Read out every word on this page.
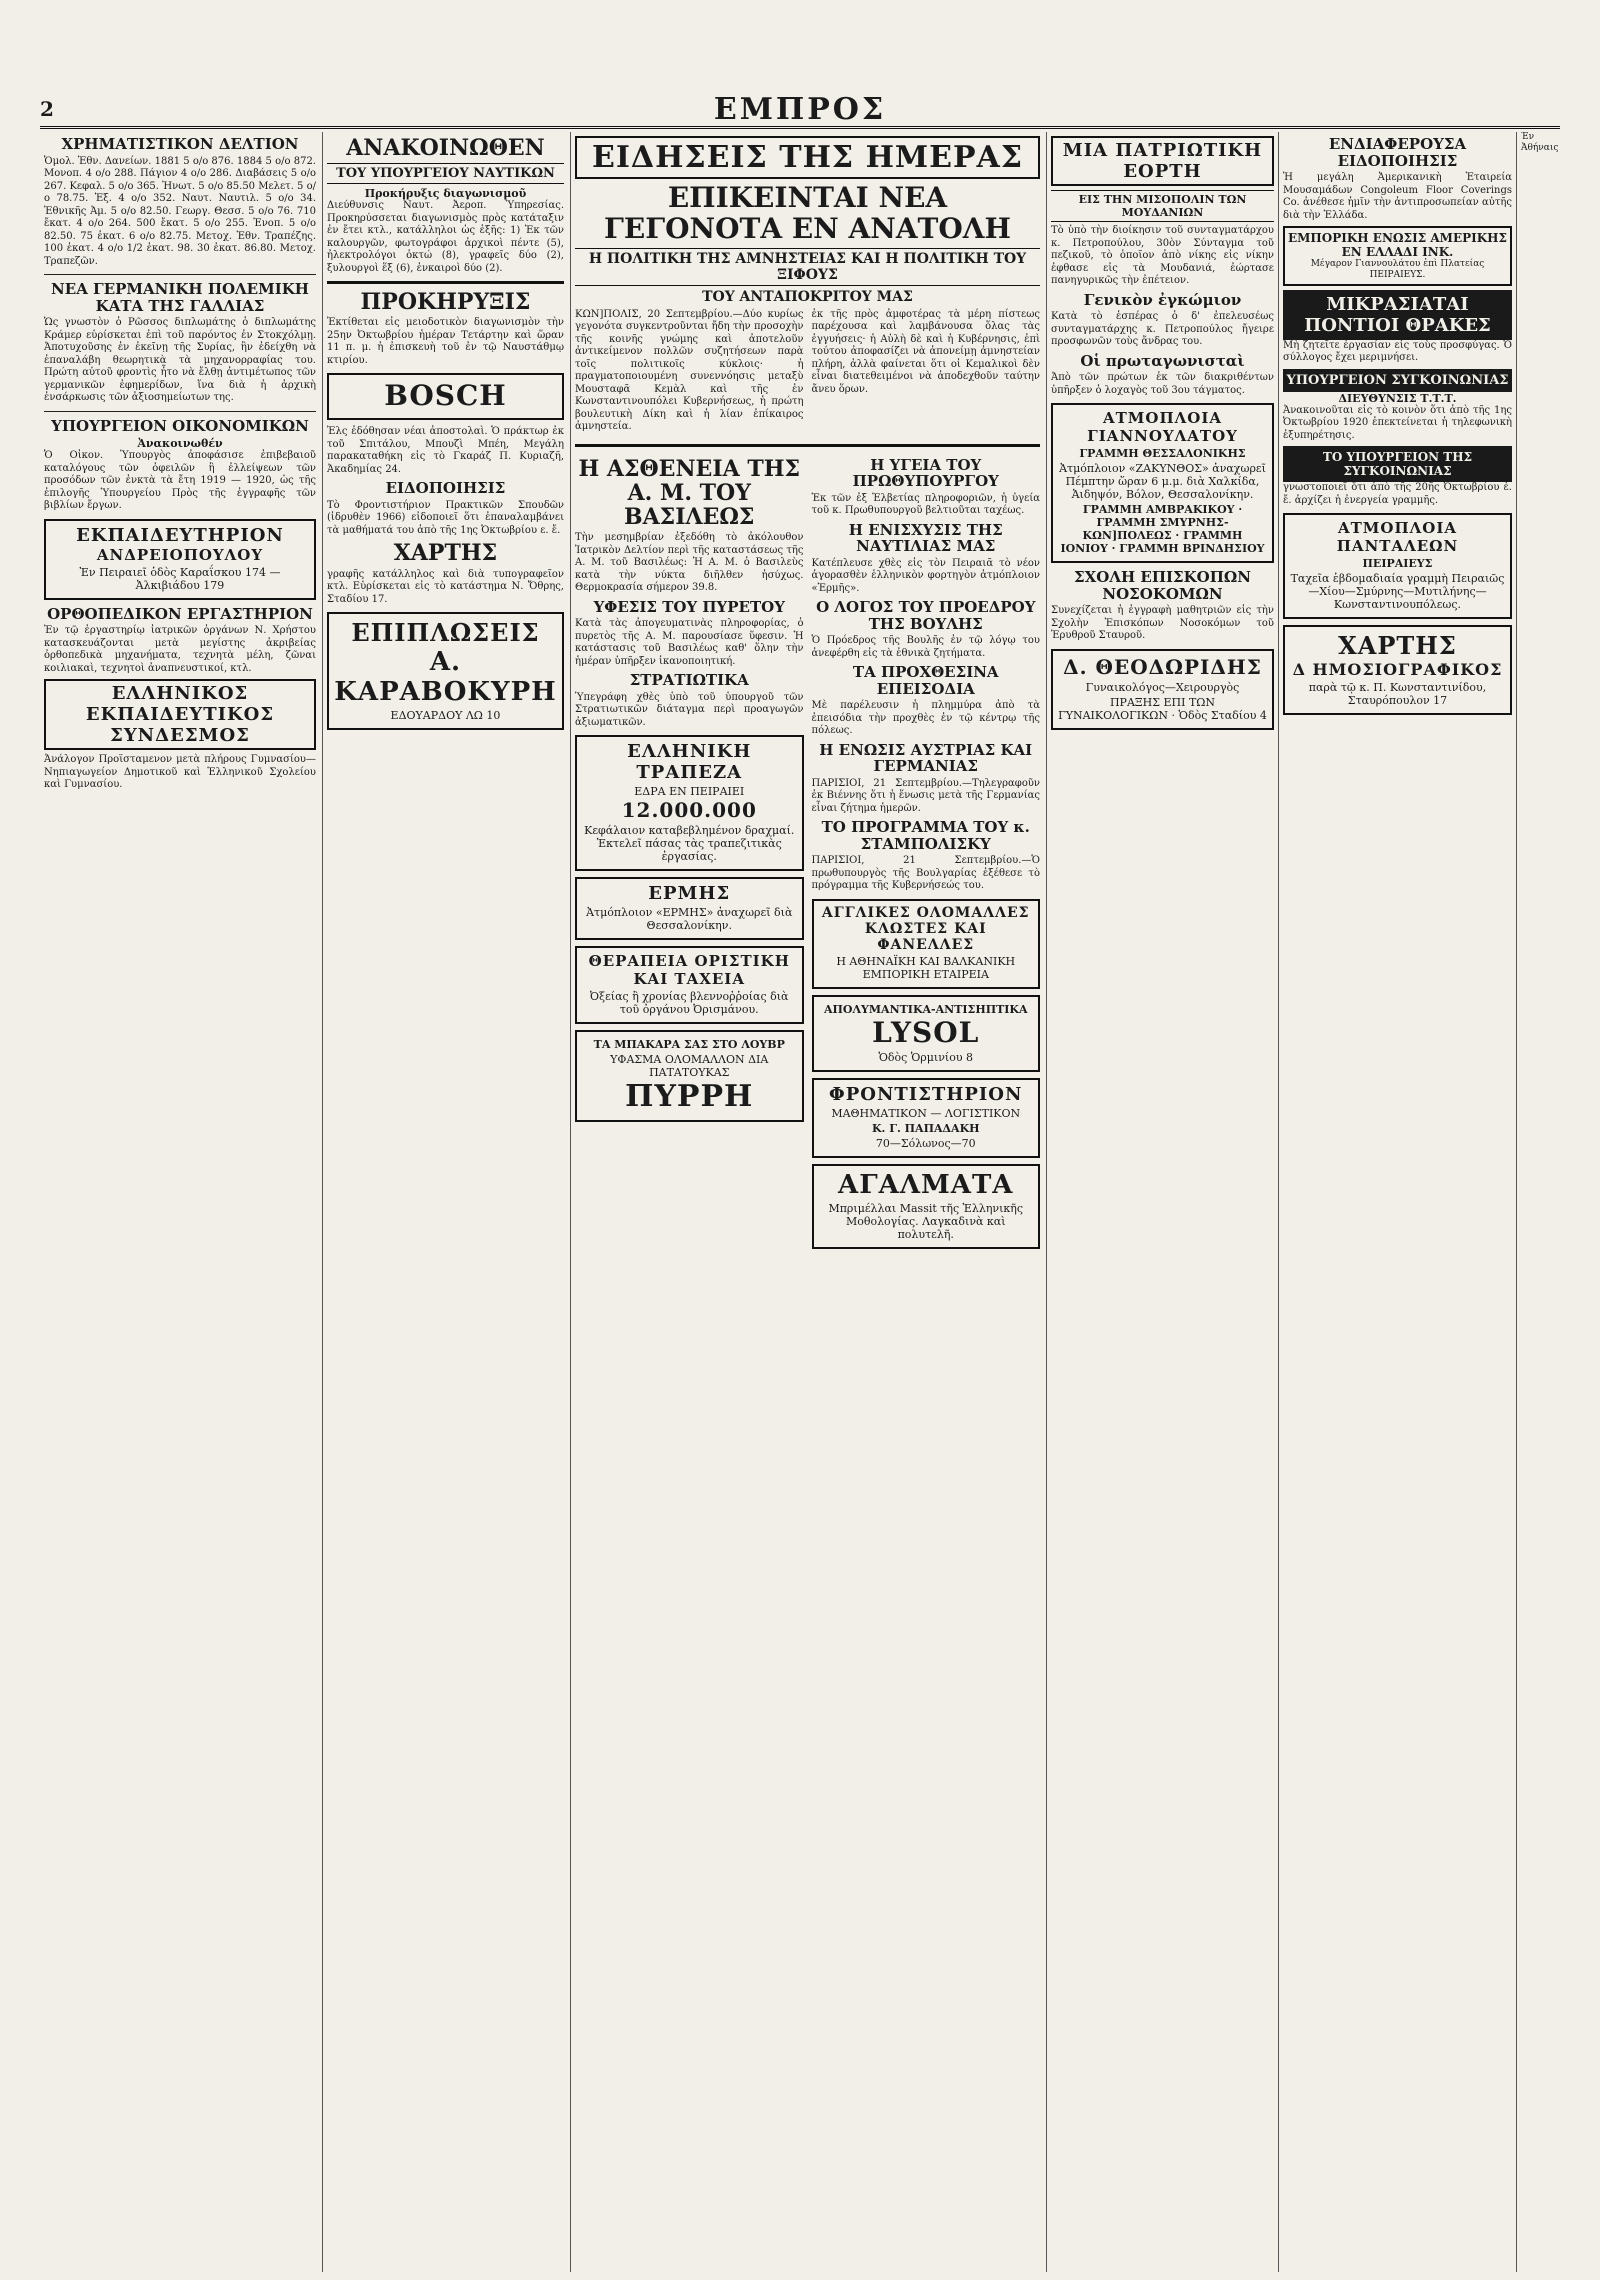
2	ΕΜΠΡΟΣ
ΧΡΗΜΑΤΙΣΤΙΚΟΝ ΔΕΛΤΙΟΝ

Ὁμολ. Ἐθν. Δανείων. 1881 5 ο/ο 876. 1884 5 ο/ο 872. Μονοπ. 4 ο/ο 288. Πάγιον 4 ο/ο 286. Διαβάσεις 5 ο/ο 267. Κεφαλ. 5 ο/ο 365. Ἠνωτ. 5 ο/ο 85.50 Μελετ. 5 ο/ο 78.75. Ἐξ. 4 ο/ο 352. Ναυτ. Ναυτιλ. 5 ο/ο 34. Ἐθνικῆς Ἀμ. 5 ο/ο 82.50. Γεωργ. Θεσσ. 5 ο/ο 76. 710 ἔκατ. 4 ο/ο 264. 500 ἔκατ. 5 ο/ο 255. Ἐνοπ. 5 ο/ο 82.50. 75 ἐκατ. 6 ο/ο 82.75. Μετοχ. Ἐθν. Τραπέζης. 100 ἐκατ. 4 ο/ο 1/2 ἐκατ. 98. 30 ἐκατ. 86.80. Μετοχ. Τραπεζῶν.

ΝΕΑ ΓΕΡΜΑΝΙΚΗ ΠΟΛΕΜΙΚΗ ΚΑΤΑ ΤΗΣ ΓΑΛΛΙΑΣ

Ὡς γνωστὸν ὁ Ρῶσσος διπλωμάτης ὁ διπλωμάτης Κράμερ εὑρίσκεται ἐπὶ τοῦ παρόντος ἐν Στοκχόλμῃ. Ἀποτυχοῦσης ἐν ἐκεῖνῃ τῆς Συρίας, ἢν ἐδείχθη νὰ ἐπαναλάβη θεωρητικὰ τὰ μηχανορραφίας του. Πρώτη αὐτοῦ φροντὶς ἦτο νὰ ἔλθῃ ἀντιμέτωπος τῶν γερμανικῶν ἐφημερίδων, ἵνα διὰ ἡ ἀρχικὴ ἐνσάρκωσις τῶν ἀξιοσημείωτων της.

ΥΠΟΥΡΓΕΙΟΝ ΟΙΚΟΝΟΜΙΚΩΝ
Ἀνακοινωθέν

Ὁ Οἰκον. Ὑπουργὸς ἀποφάσισε ἐπιβεβαιοῦ καταλόγους τῶν ὀφειλῶν ἢ ἐλλείψεων τῶν προσόδων τῶν ἐνκτὰ τὰ ἔτη 1919 — 1920, ὡς τῆς ἐπιλογῆς Ὑπουργείου Πρὸς τῆς ἐγγραφῆς τῶν βιβλίων ἔργων.

ΕΚΠΑΙΔΕΥΤΗΡΙΟΝ
ΑΝΔΡΕΙΟΠΟΥΛΟΥ
Ἐν Πειραιεῖ ὁδὸς Καραΐσκου 174 — Ἀλκιβιάδου 179
ΟΡΘΟΠΕΔΙΚΟΝ ΕΡΓΑΣΤΗΡΙΟΝ

Ἐν τῷ ἐργαστηρίῳ ἰατρικῶν ὀργάνων Ν. Χρήστου κατασκευάζονται μετὰ μεγίστης ἀκριβείας ὀρθοπεδικὰ μηχανήματα, τεχνητὰ μέλη, ζῶναι κοιλιακαὶ, τεχνητοὶ ἀναπνευστικοί, κτλ.

ΕΛΛΗΝΙΚΟΣ ΕΚΠΑΙΔΕΥΤΙΚΟΣ ΣΥΝΔΕΣΜΟΣ

Ἀνάλογον Προϊσταμενον μετὰ πλήρους Γυμνασίου—Νηπιαγωγείον Δημοτικοῦ καὶ Ἑλληνικοῦ Σχολείου καὶ Γυμνασίου.

ΑΝΑΚΟΙΝΩΘΕΝ
ΤΟΥ ΥΠΟΥΡΓΕΙΟΥ ΝΑΥΤΙΚΩΝ
Προκήρυξις διαγωνισμοῦ

Διεύθυνσις Ναυτ. Ἀεροπ. Ὑπηρεσίας. Προκηρύσσεται διαγωνισμὸς πρὸς κατάταξιν ἐν ἔτει κτλ., κατάλληλοι ὡς ἑξῆς: 1) Ἐκ τῶν καλουργῶν, φωτογράφοι ἀρχικοὶ πέντε (5), ἠλεκτρολόγοι ὀκτώ (8), γραφεῖς δύο (2), ξυλουργοὶ ἕξ (6), ἐνκαιροὶ δύο (2).

ΠΡΟΚΗΡΥΞΙΣ

Ἐκτίθεται εἰς μειοδοτικὸν διαγωνισμὸν τὴν 25ην Ὀκτωβρίου ἡμέραν Τετάρτην καὶ ὥραν 11 π. μ. ἡ ἐπισκευὴ τοῦ ἐν τῷ Ναυστάθμῳ κτιρίου.

BOSCH

Ἐλς ἐδόθησαν νέαι ἀποστολαὶ. Ὁ πράκτωρ ἐκ τοῦ Σπιτάλου, Μπουζὶ Μπέη, Μεγάλη παρακαταθήκη εἰς τὸ Γκαράζ Π. Κυριαζῆ, Ἀκαδημίας 24.

ΕΙΔΟΠΟΙΗΣΙΣ

Τὸ Φροντιστήριον Πρακτικῶν Σπουδῶν (ἱδρυθὲν 1966) εἰδοποιεῖ ὅτι ἐπαναλαμβάνει τὰ μαθήματά του ἀπὸ τῆς 1ης Ὀκτωβρίου ε. ἔ.

ΧΑΡΤΗΣ

γραφῆς κατάλληλος καὶ διὰ τυπογραφεῖον κτλ. Εὑρίσκεται εἰς τὸ κατάστημα Ν. Ὄθρης, Σταδίου 17.

ΕΠΙΠΛΩΣΕΙΣ
Α. ΚΑΡΑΒΟΚΥΡΗ
ΕΔΟΥΑΡΔΟΥ ΛΩ 10
ΕΙΔΗΣΕΙΣ ΤΗΣ ΗΜΕΡΑΣ
ΕΠΙΚΕΙΝΤΑΙ ΝΕΑ ΓΕΓΟΝΟΤΑ ΕΝ ΑΝΑΤΟΛΗ
Η ΠΟΛΙΤΙΚΗ ΤΗΣ ΑΜΝΗΣΤΕΙΑΣ ΚΑΙ Η ΠΟΛΙΤΙΚΗ ΤΟΥ ΞΙΦΟΥΣ
ΤΟΥ ΑΝΤΑΠΟΚΡΙΤΟΥ ΜΑΣ

ΚΩΝ]ΠΟΛΙΣ, 20 Σεπτεμβρίου.—Δύο κυρίως γεγονότα συγκεντροῦνται ἤδη τὴν προσοχὴν τῆς κοινῆς γνώμης καὶ ἀποτελοῦν ἀντικείμενον πολλῶν συζητήσεων παρὰ τοῖς πολιτικοῖς κύκλοις· ἡ πραγματοποιουμένη συνεννόησις μεταξὺ Μουσταφᾶ Κεμὰλ καὶ τῆς ἐν Κωνσταντινουπόλει Κυβερνήσεως, ἡ πρώτη βουλευτικὴ Δίκη καὶ ἡ λίαν ἐπίκαιρος ἀμνηστεία.

ἐκ τῆς πρὸς ἀμφοτέρας τὰ μέρη πίστεως παρέχουσα καὶ λαμβάνουσα ὅλας τὰς ἐγγυήσεις· ἡ Αὐλὴ δὲ καὶ ἡ Κυβέρνησις, ἐπὶ τούτου ἀποφασίζει νὰ ἀπονείμῃ ἀμνηστείαν πλήρη, ἀλλὰ φαίνεται ὅτι οἱ Κεμαλικοὶ δὲν εἶναι διατεθειμένοι νὰ ἀποδεχθοῦν ταύτην ἄνευ ὅρων.

Η ΑΣΘΕΝΕΙΑ ΤΗΣ Α. Μ. ΤΟΥ ΒΑΣΙΛΕΩΣ

Τὴν μεσημβρίαν ἐξεδόθη τὸ ἀκόλουθον Ἰατρικὸν Δελτίον περὶ τῆς καταστάσεως τῆς Α. Μ. τοῦ Βασιλέως: Ἡ Α. Μ. ὁ Βασιλεὺς κατὰ τὴν νύκτα διῆλθεν ἡσύχως. Θερμοκρασία σήμερον 39.8.

ΥΦΕΣΙΣ ΤΟΥ ΠΥΡΕΤΟΥ

Κατὰ τὰς ἀπογευματινὰς πληροφορίας, ὁ πυρετὸς τῆς Α. Μ. παρουσίασε ὕφεσιν. Ἡ κατάστασις τοῦ Βασιλέως καθ' ὅλην τὴν ἡμέραν ὑπῆρξεν ἱκανοποιητική.

ΣΤΡΑΤΙΩΤΙΚΑ

Ὑπεγράφη χθὲς ὑπὸ τοῦ ὑπουργοῦ τῶν Στρατιωτικῶν διάταγμα περὶ προαγωγῶν ἀξιωματικῶν.

ΕΛΛΗΝΙΚΗ ΤΡΑΠΕΖΑ
ΕΔΡΑ ΕΝ ΠΕΙΡΑΙΕΙ
12.000.000
Κεφάλαιον καταβεβλημένον δραχμαί. Ἐκτελεῖ πάσας τὰς τραπεζιτικὰς ἐργασίας.
ΕΡΜΗΣ
Ἀτμόπλοιον «ΕΡΜΗΣ» ἀναχωρεῖ διὰ Θεσσαλονίκην.
ΘΕΡΑΠΕΙΑ ΟΡΙΣΤΙΚΗ ΚΑΙ ΤΑΧΕΙΑ
Ὀξείας ἢ χρονίας βλεννοῤῥοίας διὰ τοῦ ὀργάνου Ὀρισμάνου.
ΤΑ ΜΠΑΚΑΡΑ ΣΑΣ ΣΤΟ ΛΟΥΒΡ
ΥΦΑΣΜΑ ΟΛΟΜΑΛΛΟΝ ΔΙΑ ΠΑΤΑΤΟΥΚΑΣ
ΠΥΡΡΗ
Η ΥΓΕΙΑ ΤΟΥ ΠΡΩΘΥΠΟΥΡΓΟΥ

Ἐκ τῶν ἐξ Ἑλβετίας πληροφοριῶν, ἡ ὑγεία τοῦ κ. Πρωθυπουργοῦ βελτιοῦται ταχέως.

Η ΕΝΙΣΧΥΣΙΣ ΤΗΣ ΝΑΥΤΙΛΙΑΣ ΜΑΣ

Κατέπλευσε χθὲς εἰς τὸν Πειραιᾶ τὸ νέον ἀγορασθὲν ἑλληνικὸν φορτηγὸν ἀτμόπλοιον «Ἐρμῆς».

Ο ΛΟΓΟΣ ΤΟΥ ΠΡΟΕΔΡΟΥ ΤΗΣ ΒΟΥΛΗΣ

Ὁ Πρόεδρος τῆς Βουλῆς ἐν τῷ λόγῳ του ἀνεφέρθη εἰς τὰ ἐθνικὰ ζητήματα.

ΤΑ ΠΡΟΧΘΕΣΙΝΑ ΕΠΕΙΣΟΔΙΑ

Μὲ παρέλευσιν ἡ πλημμύρα ἀπὸ τὰ ἐπεισόδια τὴν προχθὲς ἐν τῷ κέντρῳ τῆς πόλεως.

Η ΕΝΩΣΙΣ ΑΥΣΤΡΙΑΣ ΚΑΙ ΓΕΡΜΑΝΙΑΣ

ΠΑΡΙΣΙΟΙ, 21 Σεπτεμβρίου.—Τηλεγραφοῦν ἐκ Βιέννης ὅτι ἡ ἕνωσις μετὰ τῆς Γερμανίας εἶναι ζήτημα ἡμερῶν.

ΤΟ ΠΡΟΓΡΑΜΜΑ ΤΟΥ κ. ΣΤΑΜΠΟΛΙΣΚΥ

ΠΑΡΙΣΙΟΙ, 21 Σεπτεμβρίου.—Ὁ πρωθυπουργὸς τῆς Βουλγαρίας ἐξέθεσε τὸ πρόγραμμα τῆς Κυβερνήσεώς του.

ΑΓΓΛΙΚΕΣ ΟΛΟΜΑΛΛΕΣ ΚΛΩΣΤΕΣ ΚΑΙ ΦΑΝΕΛΛΕΣ
Η ΑΘΗΝΑΪΚΗ ΚΑΙ ΒΑΛΚΑΝΙΚΗ ΕΜΠΟΡΙΚΗ ΕΤΑΙΡΕΙΑ
ΑΠΟΛΥΜΑΝΤΙΚΑ-ΑΝΤΙΣΗΠΤΙΚΑ
LYSOL
Ὁδὸς Ὁρμινίου 8
ΦΡΟΝΤΙΣΤΗΡΙΟΝ
ΜΑΘΗΜΑΤΙΚΟΝ — ΛΟΓΙΣΤΙΚΟΝ
Κ. Γ. ΠΑΠΑΔΑΚΗ
70—Σόλωνος—70
ΑΓΑΛΜΑΤΑ
Μπριμέλλαι Massit τῆς Ἑλληνικῆς Μοθολογίας. Λαγκαδινὰ καὶ πολυτελῆ.
ΜΙΑ ΠΑΤΡΙΩΤΙΚΗ ΕΟΡΤΗ
ΕΙΣ ΤΗΝ ΜΙΣΟΠΟΛΙΝ ΤΩΝ ΜΟΥΔΑΝΙΩΝ

Τὸ ὑπὸ τὴν διοίκησιν τοῦ συνταγματάρχου κ. Πετροπούλου, 30ὸν Σύνταγμα τοῦ πεζικοῦ, τὸ ὁποῖον ἀπὸ νίκης εἰς νίκην ἐφθασε εἰς τὰ Μουδανιά, ἐώρτασε πανηγυρικῶς τὴν ἐπέτειον.

Γενικὸν ἐγκώμιον

Κατὰ τὸ ἑσπέρας ὁ δ' ἐπελευσέως συνταγματάρχης κ. Πετροπούλος ἤγειρε προσφωνῶν τοὺς ἄνδρας του.

Οἱ πρωταγωνισταὶ

Ἀπὸ τῶν πρώτων ἐκ τῶν διακριθέντων ὑπῆρξεν ὁ λοχαγὸς τοῦ 3ου τάγματος.

ΑΤΜΟΠΛΟΙΑ ΓΙΑΝΝΟΥΛΑΤΟΥ
ΓΡΑΜΜΗ ΘΕΣΣΑΛΟΝΙΚΗΣ
Ἀτμόπλοιον «ΖΑΚΥΝΘΟΣ» ἀναχωρεῖ Πέμπτην ὥραν 6 μ.μ. διὰ Χαλκίδα, Ἀιδηψόν, Βόλον, Θεσσαλονίκην.
ΓΡΑΜΜΗ ΑΜΒΡΑΚΙΚΟΥ · ΓΡΑΜΜΗ ΣΜΥΡΝΗΣ-ΚΩΝ]ΠΟΛΕΩΣ · ΓΡΑΜΜΗ ΙΟΝΙΟΥ · ΓΡΑΜΜΗ ΒΡΙΝΔΗΣΙΟΥ
ΣΧΟΛΗ ΕΠΙΣΚΟΠΩΝ ΝΟΣΟΚΟΜΩΝ

Συνεχίζεται ἡ ἐγγραφὴ μαθητριῶν εἰς τὴν Σχολὴν Ἐπισκόπων Νοσοκόμων τοῦ Ἐρυθροῦ Σταυροῦ.

Δ. ΘΕΟΔΩΡΙΔΗΣ
Γυναικολόγος—Χειρουργὸς
ΠΡΑΞΗΣ ΕΠΙ ΤΩΝ ΓΥΝΑΙΚΟΛΟΓΙΚΩΝ · Ὁδὸς Σταδίου 4
ΕΝΔΙΑΦΕΡΟΥΣΑ ΕΙΔΟΠΟΙΗΣΙΣ

Ἡ μεγάλη Ἀμερικανικὴ Ἑταιρεία Μουσαμάδων Congoleum Floor Coverings Co. ἀνέθεσε ἡμῖν τὴν ἀντιπροσωπείαν αὐτῆς διὰ τὴν Ἑλλάδα.

ΕΜΠΟΡΙΚΗ ΕΝΩΣΙΣ ΑΜΕΡΙΚΗΣ ΕΝ ΕΛΛΑΔΙ ΙΝΚ.
Μέγαρον Γιαννουλάτου ἐπὶ Πλατείας ΠΕΙΡΑΙΕΥΣ.
ΜΙΚΡΑΣΙΑΤΑΙ ΠΟΝΤΙΟΙ ΘΡΑΚΕΣ

Μὴ ζητεῖτε ἐργασίαν εἰς τοὺς προσφύγας. Ὁ σύλλογος ἔχει μεριμνήσει.

ΥΠΟΥΡΓΕΙΟΝ ΣΥΓΚΟΙΝΩΝΙΑΣ
ΔΙΕΥΘΥΝΣΙΣ Τ.Τ.Τ.

Ἀνακοινοῦται εἰς τὸ κοινὸν ὅτι ἀπὸ τῆς 1ης Ὀκτωβρίου 1920 ἐπεκτείνεται ἡ τηλεφωνικὴ ἐξυπηρέτησις.

ΤΟ ΥΠΟΥΡΓΕΙΟΝ ΤΗΣ ΣΥΓΚΟΙΝΩΝΙΑΣ

γνωστοποιεῖ ὅτι ἀπὸ τῆς 20ῆς Ὀκτωβρίου ἐ. ἔ. ἀρχίζει ἡ ἐνεργεία γραμμῆς.

ΑΤΜΟΠΛΟΙΑ ΠΑΝΤΑΛΕΩΝ
ΠΕΙΡΑΙΕΥΣ
Ταχεῖα ἑβδομαδιαία γραμμὴ Πειραιῶς—Χίου—Σμύρνης—Μυτιλήνης—Κωνσταντινουπόλεως.
ΧΑΡΤΗΣ
Δ ΗΜΟΣΙΟΓΡΑΦΙΚΟΣ
παρὰ τῷ κ. Π. Κωνσταντινίδου, Σταυρόπουλον 17

Ἐν Ἀθήναις
